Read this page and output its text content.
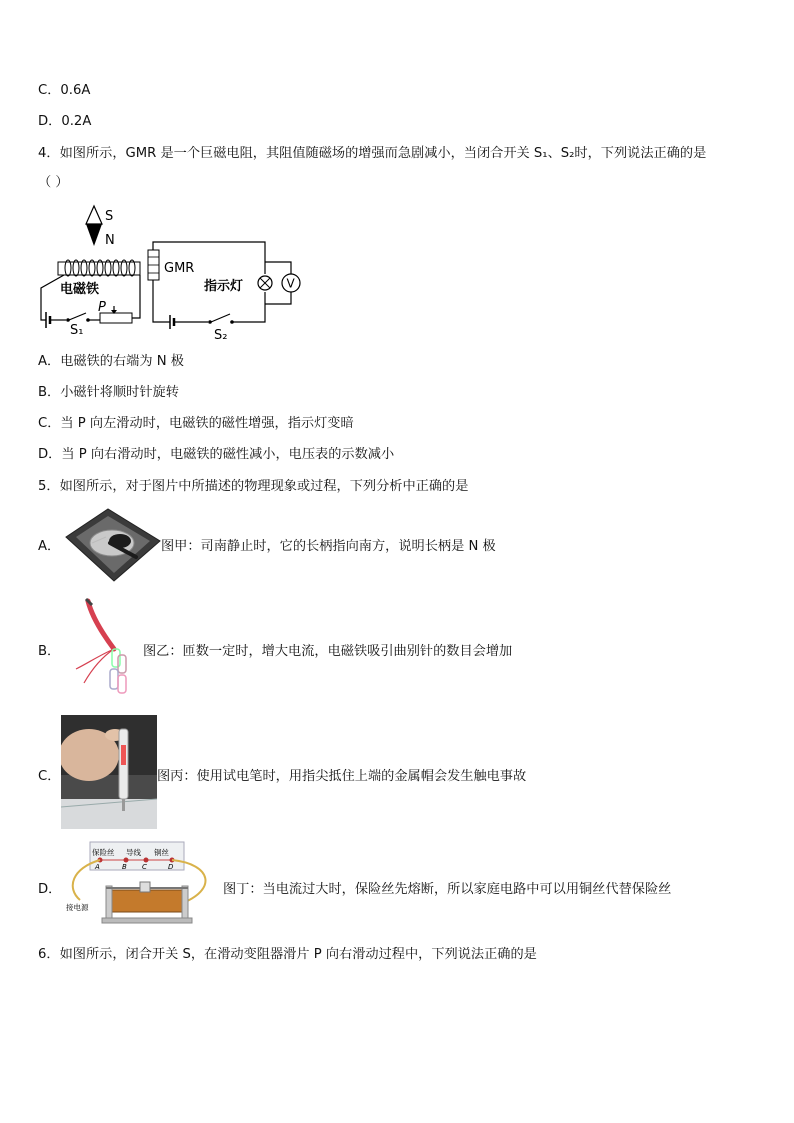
C．0.6A
D．0.2A
4．如图所示，GMR 是一个巨磁电阻，其阻值随磁场的增强而急剧减小，当闭合开关 S₁、S₂时，下列说法正确的是
（ ）
S
N
电磁铁
S₁
P
GMR
S₂
指示灯	V
A．电磁铁的右端为 N 极
B．小磁针将顺时针旋转
C．当 P 向左滑动时，电磁铁的磁性增强，指示灯变暗
D．当 P 向右滑动时，电磁铁的磁性减小，电压表的示数减小
5．如图所示，对于图片中所描述的物理现象或过程，下列分析中正确的是
A．	图甲：司南静止时，它的长柄指向南方，说明长柄是 N 极
B．	图乙：匝数一定时，增大电流，电磁铁吸引曲别针的数目会增加
C．	图丙：使用试电笔时，用指尖抵住上端的金属帽会发生触电事故
D．
保险丝 导线 铜丝
A	B C	D
接电源
图丁：当电流过大时，保险丝先熔断，所以家庭电路中可以用铜丝代替保险丝
6．如图所示，闭合开关 S，在滑动变阻器滑片 P 向右滑动过程中，下列说法正确的是
